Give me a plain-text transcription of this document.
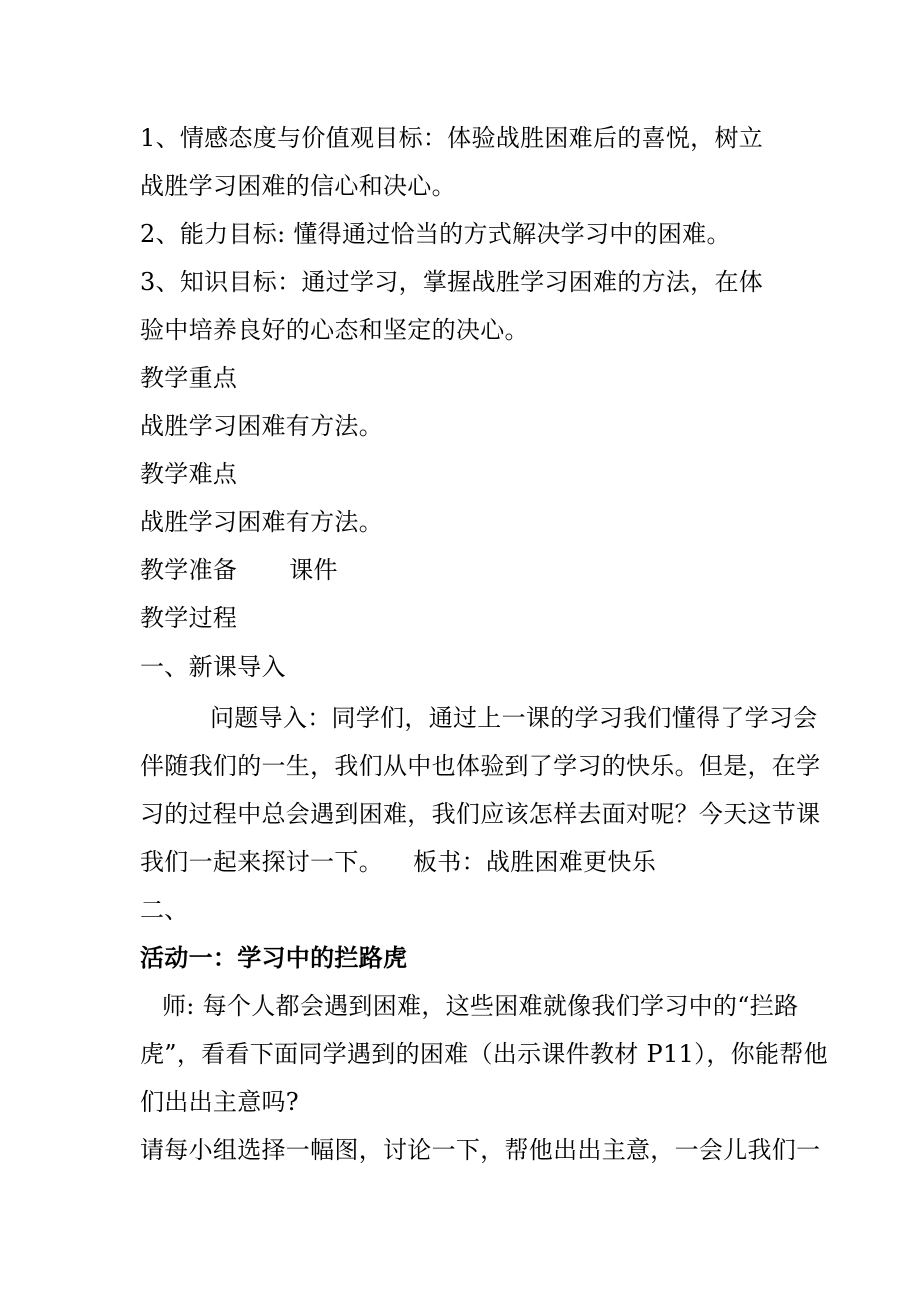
1、情感态度与价值观目标：体验战胜困难后的喜悦，树立

战胜学习困难的信心和决心。

2、能力目标: 懂得通过恰当的方式解决学习中的困难。

3、知识目标：通过学习，掌握战胜学习困难的方法，在体

验中培养良好的心态和坚定的决心。

教学重点

战胜学习困难有方法。

教学难点

战胜学习困难有方法。

教学准备 课件

教学过程

一、新课导入

问题导入：同学们，通过上一课的学习我们懂得了学习会

伴随我们的一生，我们从中也体验到了学习的快乐。但是，在学

习的过程中总会遇到困难，我们应该怎样去面对呢？今天这节课

我们一起来探讨一下。 板书：战胜困难更快乐

二、

活动一：学习中的拦路虎

师: 每个人都会遇到困难，这些困难就像我们学习中的“拦路

虎”，看看下面同学遇到的困难（出示课件教材 P11），你能帮他

们出出主意吗?

请每小组选择一幅图，讨论一下，帮他出出主意，一会儿我们一
